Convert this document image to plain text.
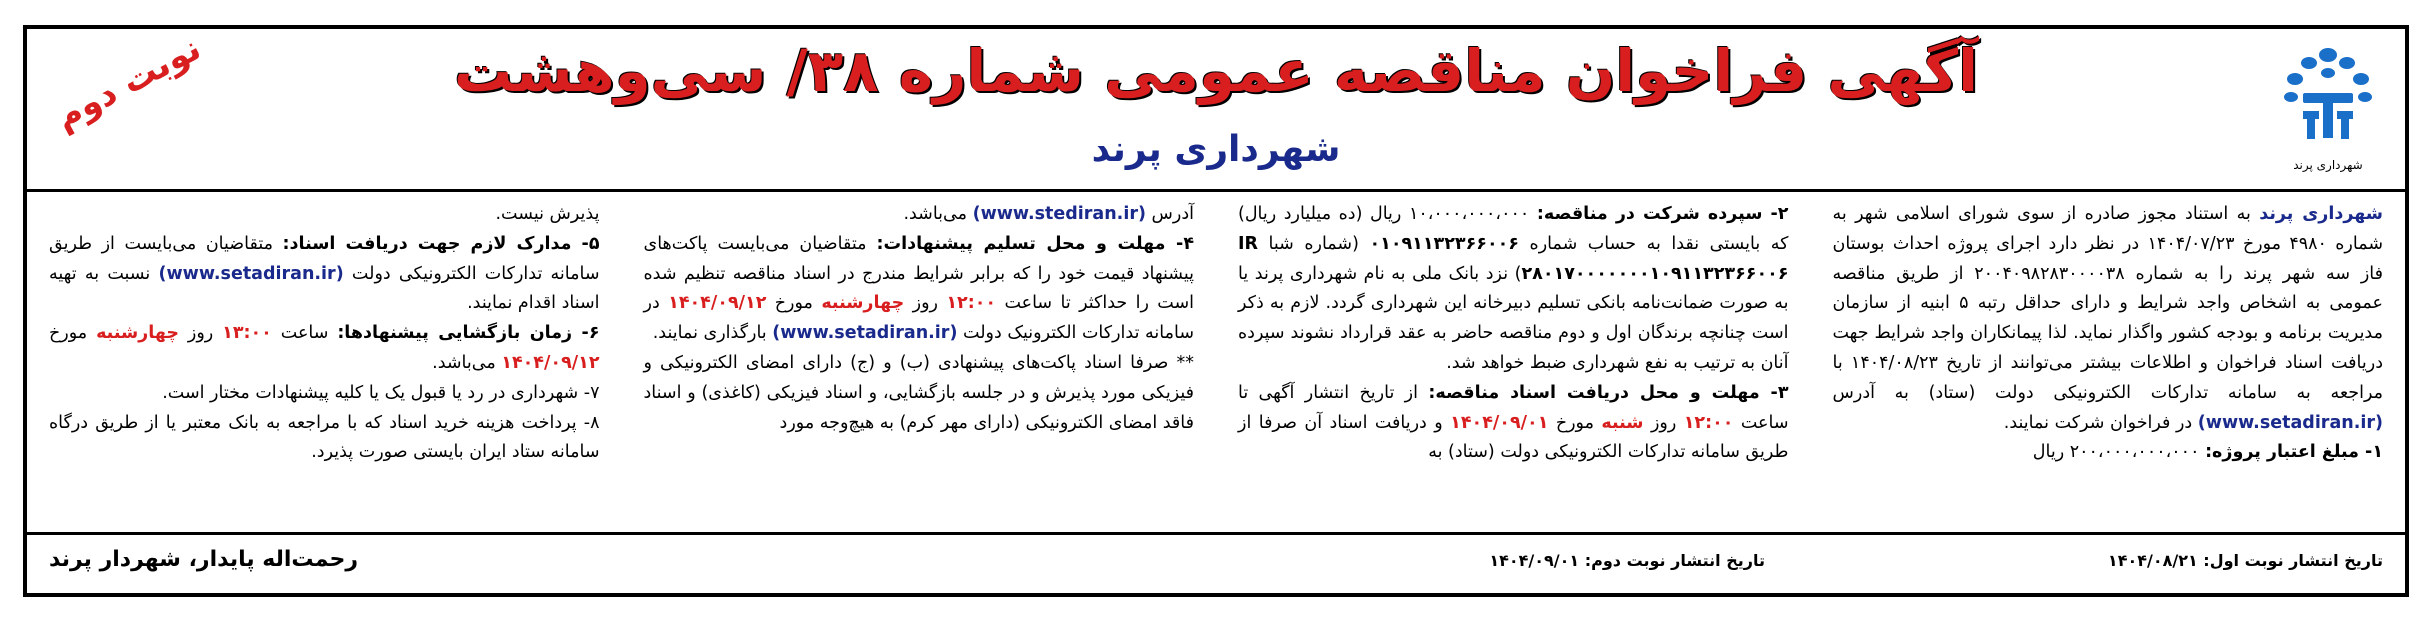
شهرداری پرند
آگهی فراخوان مناقصه عمومی شماره ۳۸/ سی‌وهشت
شهرداری پرند
نوبت دوم

شهرداری پرند به استناد مجوز صادره از سوی شورای اسلامی شهر به شماره ۴۹۸۰ مورخ ۱۴۰۴/۰۷/۲۳ در نظر دارد اجرای پروژه احداث بوستان فاز سه شهر پرند را به شماره ۲۰۰۴۰۹۸۲۸۳۰۰۰۰۳۸ از طریق مناقصه عمومی به اشخاص واجد شرایط و دارای حداقل رتبه ۵ ابنیه از سازمان مدیریت برنامه و بودجه کشور واگذار نماید. لذا پیمانکاران واجد شرایط جهت دریافت اسناد فراخوان و اطلاعات بیشتر می‌توانند از تاریخ ۱۴۰۴/۰۸/۲۳ با مراجعه به سامانه تدارکات الکترونیکی دولت (ستاد) به آدرس (www.setadiran.ir) در فراخوان شرکت نمایند.

۱- مبلغ اعتبار پروژه: ۲۰۰،۰۰۰،۰۰۰،۰۰۰ ریال

۲- سپرده شرکت در مناقصه: ۱۰،۰۰۰،۰۰۰،۰۰۰ ریال (ده میلیارد ریال) که بایستی نقدا به حساب شماره ۰۱۰۹۱۱۳۲۳۶۶۰۰۶ (شماره شبا IR ۲۸۰۱۷۰۰۰۰۰۰۰۱۰۹۱۱۳۲۳۶۶۰۰۶) نزد بانک ملی به نام شهرداری پرند یا به صورت ضمانت‌نامه بانکی تسلیم دبیرخانه این شهرداری گردد. لازم به ذکر است چنانچه برندگان اول و دوم مناقصه حاضر به عقد قرارداد نشوند سپرده آنان به ترتیب به نفع شهرداری ضبط خواهد شد.

۳- مهلت و محل دریافت اسناد مناقصه: از تاریخ انتشار آگهی تا ساعت ۱۲:۰۰ روز شنبه مورخ ۱۴۰۴/۰۹/۰۱ و دریافت اسناد آن صرفا از طریق سامانه تدارکات الکترونیکی دولت (ستاد) به

آدرس (www.stediran.ir) می‌باشد.

۴- مهلت و محل تسلیم پیشنهادات: متقاضیان می‌بایست پاکت‌های پیشنهاد قیمت خود را که برابر شرایط مندرج در اسناد مناقصه تنظیم شده است را حداکثر تا ساعت ۱۲:۰۰ روز چهارشنبه مورخ ۱۴۰۴/۰۹/۱۲ در سامانه تدارکات الکترونیک دولت (www.setadiran.ir) بارگذاری نمایند.

** صرفا اسناد پاکت‌های پیشنهادی (ب) و (ج) دارای امضای الکترونیکی و فیزیکی مورد پذیرش و در جلسه بازگشایی، و اسناد فیزیکی (کاغذی) و اسناد فاقد امضای الکترونیکی (دارای مهر کرم) به هیچ‌وجه مورد

پذیرش نیست.

۵- مدارک لازم جهت دریافت اسناد: متقاضیان می‌بایست از طریق سامانه تدارکات الکترونیکی دولت (www.setadiran.ir) نسبت به تهیه اسناد اقدام نمایند.

۶- زمان بازگشایی پیشنهادها: ساعت ۱۳:۰۰ روز چهارشنبه مورخ ۱۴۰۴/۰۹/۱۲ می‌باشد.

۷- شهرداری در رد یا قبول یک یا کلیه پیشنهادات مختار است.

۸- پرداخت هزینه خرید اسناد که با مراجعه به بانک معتبر یا از طریق درگاه سامانه ستاد ایران بایستی صورت پذیرد.

تاریخ انتشار نوبت اول: ۱۴۰۴/۰۸/۲۱
تاریخ انتشار نوبت دوم: ۱۴۰۴/۰۹/۰۱
رحمت‌اله پایدار، شهردار پرند
